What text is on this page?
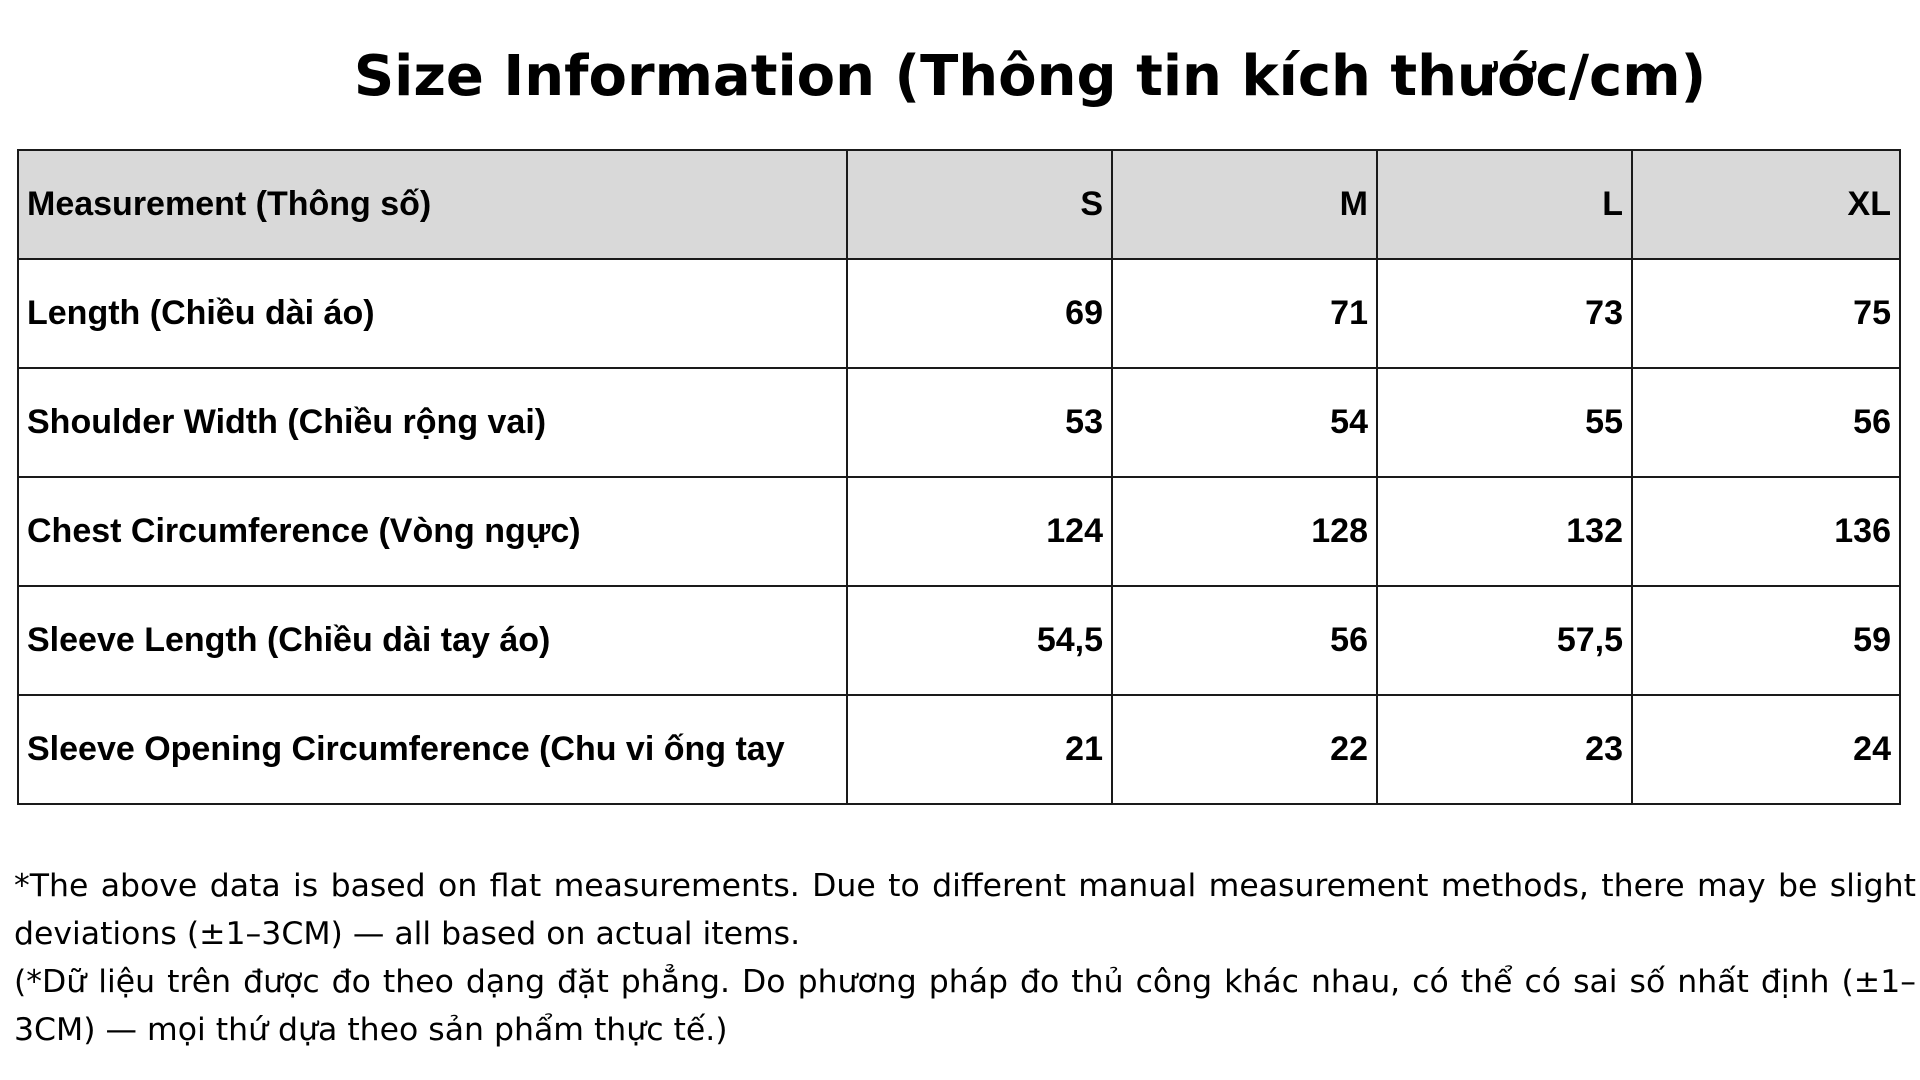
Size Information (Thông tin kích thước/cm)
Measurement (Thông số)	S	M	L	XL
Length (Chiều dài áo)	69	71	73	75
Shoulder Width (Chiều rộng vai)	53	54	55	56
Chest Circumference (Vòng ngực)	124	128	132	136
Sleeve Length (Chiều dài tay áo)	54,5	56	57,5	59
Sleeve Opening Circumference (Chu vi ống tay	21	22	23	24

*The above data is based on flat measurements. Due to different manual measurement methods, there may be slight deviations (±1–3CM) — all based on actual items.

(*Dữ liệu trên được đo theo dạng đặt phẳng. Do phương pháp đo thủ công khác nhau, có thể có sai số nhất định (±1–3CM) — mọi thứ dựa theo sản phẩm thực tế.)
